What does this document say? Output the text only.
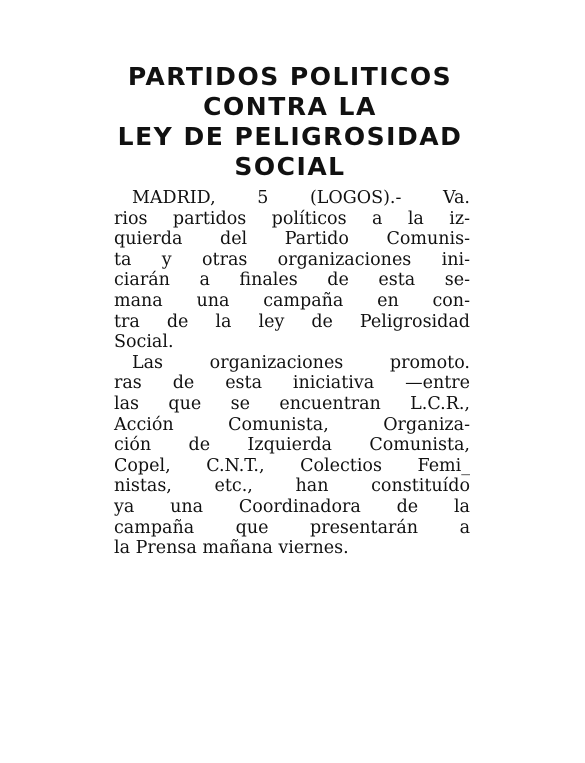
PARTIDOS POLITICOS
CONTRA LA
LEY DE PELIGROSIDAD
SOCIAL
MADRID, 5 (LOGOS).- Va.
rios partidos políticos a la iz-
quierda del Partido Comunis-
ta y otras organizaciones ini-
ciarán a finales de esta se-
mana una campaña en con-
tra de la ley de Peligrosidad
Social.
Las organizaciones promoto.
ras de esta iniciativa —entre
las que se encuentran L.C.R.,
Acción Comunista, Organiza-
ción de Izquierda Comunista,
Copel, C.N.T., Colectios Femi_
nistas, etc., han constituído
ya una Coordinadora de la
campaña que presentarán a
la Prensa mañana viernes.
